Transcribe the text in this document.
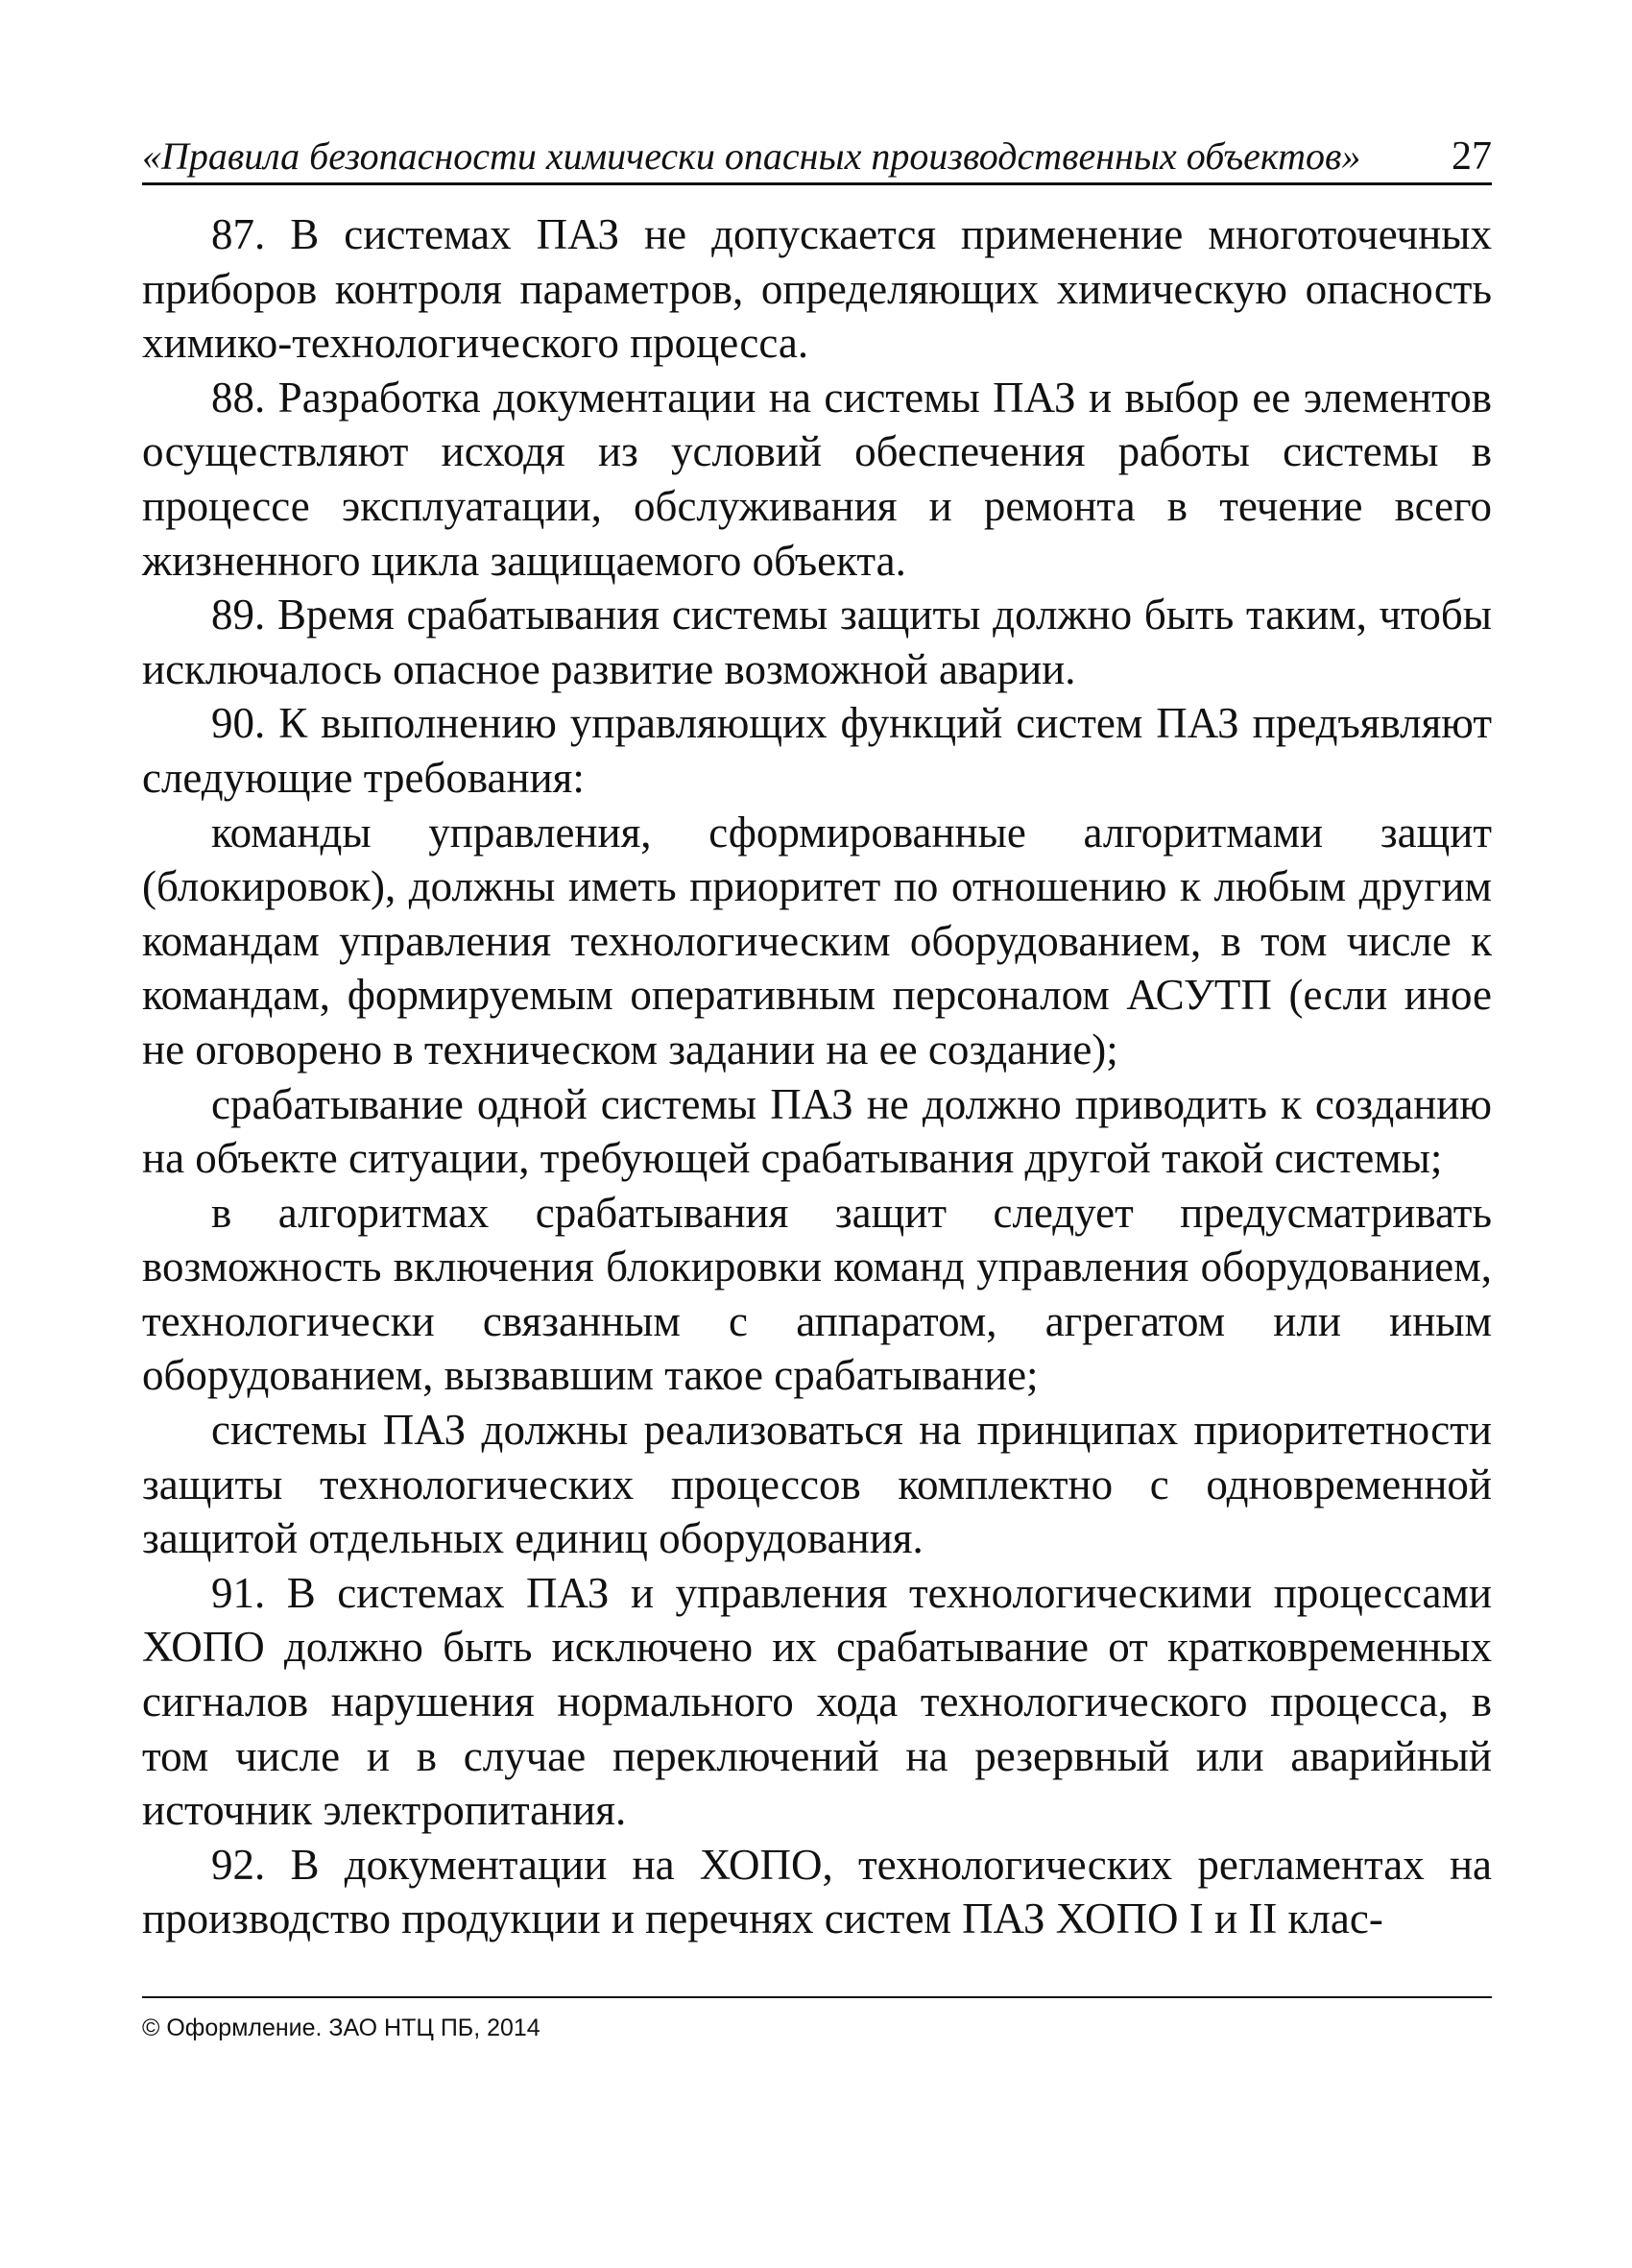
«Правила безопасности химически опасных производственных объектов» 27

87. В системах ПАЗ не допускается применение многоточечных приборов контроля параметров, определяющих химическую опасность химико-технологического процесса.

88. Разработка документации на системы ПАЗ и выбор ее элементов осуществляют исходя из условий обеспечения работы системы в процессе эксплуатации, обслуживания и ремонта в течение всего жизненного цикла защищаемого объекта.

89. Время срабатывания системы защиты должно быть таким, чтобы исключалось опасное развитие возможной аварии.

90. К выполнению управляющих функций систем ПАЗ предъявляют следующие требования:

команды управления, сформированные алгоритмами защит (блокировок), должны иметь приоритет по отношению к любым другим командам управления технологическим оборудованием, в том числе к командам, формируемым оперативным персоналом АСУТП (если иное не оговорено в техническом задании на ее создание);

срабатывание одной системы ПАЗ не должно приводить к созданию на объекте ситуации, требующей срабатывания другой такой системы;

в алгоритмах срабатывания защит следует предусматривать возможность включения блокировки команд управления оборудованием, технологически связанным с аппаратом, агрегатом или иным оборудованием, вызвавшим такое срабатывание;

системы ПАЗ должны реализоваться на принципах приоритетности защиты технологических процессов комплектно с одновременной защитой отдельных единиц оборудования.

91. В системах ПАЗ и управления технологическими процессами ХОПО должно быть исключено их срабатывание от кратковременных сигналов нарушения нормального хода технологического процесса, в том числе и в случае переключений на резервный или аварийный источник электропитания.

92. В документации на ХОПО, технологических регламентах на производство продукции и перечнях систем ПАЗ ХОПО I и II клас-

© Оформление. ЗАО НТЦ ПБ, 2014
